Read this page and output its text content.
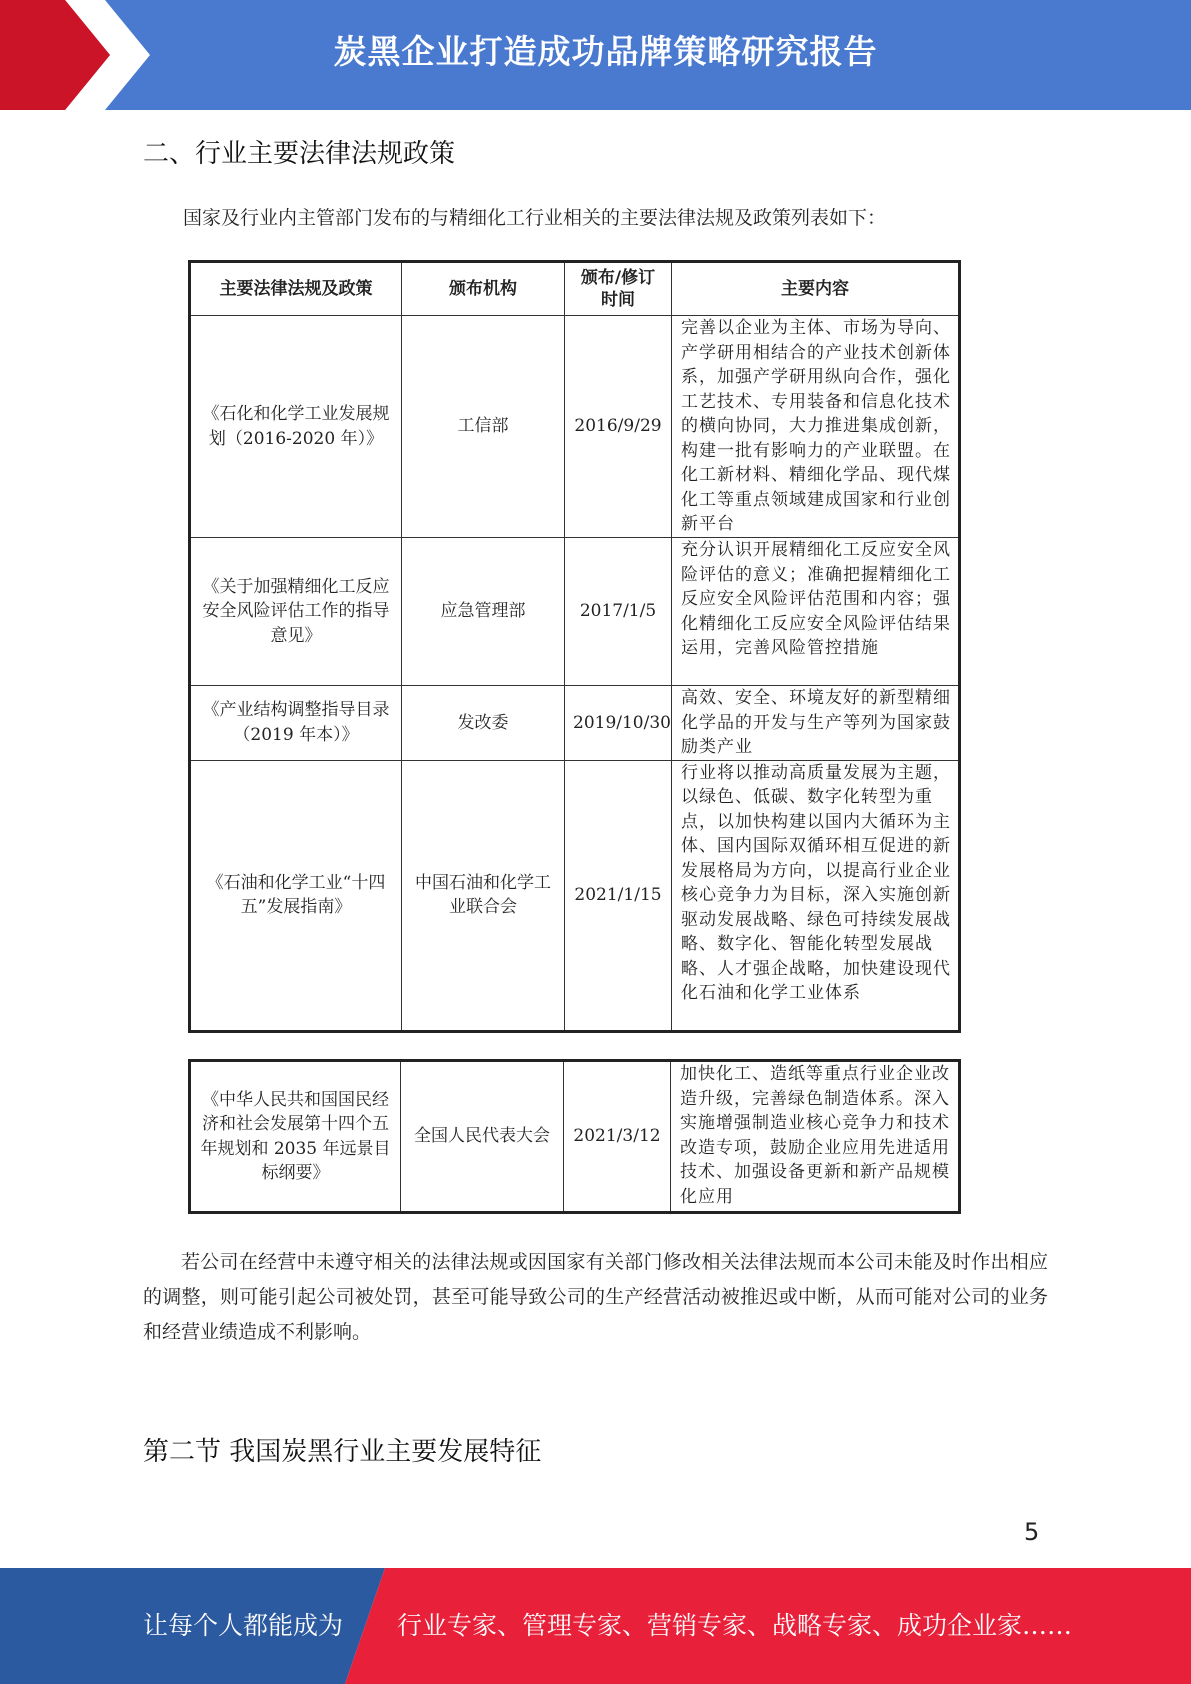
炭黑企业打造成功品牌策略研究报告
二、行业主要法律法规政策
国家及行业内主管部门发布的与精细化工行业相关的主要法律法规及政策列表如下：
主要法律法规及政策	颁布机构	颁布/修订时间	主要内容
《石化和化学工业发展规划（2016-2020 年）》	工信部	2016/9/29	完善以企业为主体、市场为导向、产学研用相结合的产业技术创新体系，加强产学研用纵向合作，强化工艺技术、专用装备和信息化技术的横向协同，大力推进集成创新，构建一批有影响力的产业联盟。在化工新材料、精细化学品、现代煤化工等重点领域建成国家和行业创新平台
《关于加强精细化工反应安全风险评估工作的指导意见》	应急管理部	2017/1/5	充分认识开展精细化工反应安全风险评估的意义；准确把握精细化工反应安全风险评估范围和内容；强化精细化工反应安全风险评估结果运用，完善风险管控措施
《产业结构调整指导目录（2019 年本）》	发改委	2019/10/30	高效、安全、环境友好的新型精细化学品的开发与生产等列为国家鼓励类产业
《石油和化学工业“十四五”发展指南》	中国石油和化学工业联合会	2021/1/15	行业将以推动高质量发展为主题，以绿色、低碳、数字化转型为重点，以加快构建以国内大循环为主体、国内国际双循环相互促进的新发展格局为方向，以提高行业企业核心竞争力为目标，深入实施创新驱动发展战略、绿色可持续发展战略、数字化、智能化转型发展战略、人才强企战略，加快建设现代化石油和化学工业体系
《中华人民共和国国民经济和社会发展第十四个五年规划和 2035 年远景目标纲要》	全国人民代表大会	2021/3/12	加快化工、造纸等重点行业企业改造升级，完善绿色制造体系。深入实施增强制造业核心竞争力和技术改造专项，鼓励企业应用先进适用技术、加强设备更新和新产品规模化应用
若公司在经营中未遵守相关的法律法规或因国家有关部门修改相关法律法规而本公司未能及时作出相应的调整，则可能引起公司被处罚，甚至可能导致公司的生产经营活动被推迟或中断，从而可能对公司的业务和经营业绩造成不利影响。
第二节 我国炭黑行业主要发展特征
5
让每个人都能成为 行业专家、管理专家、营销专家、战略专家、成功企业家……
